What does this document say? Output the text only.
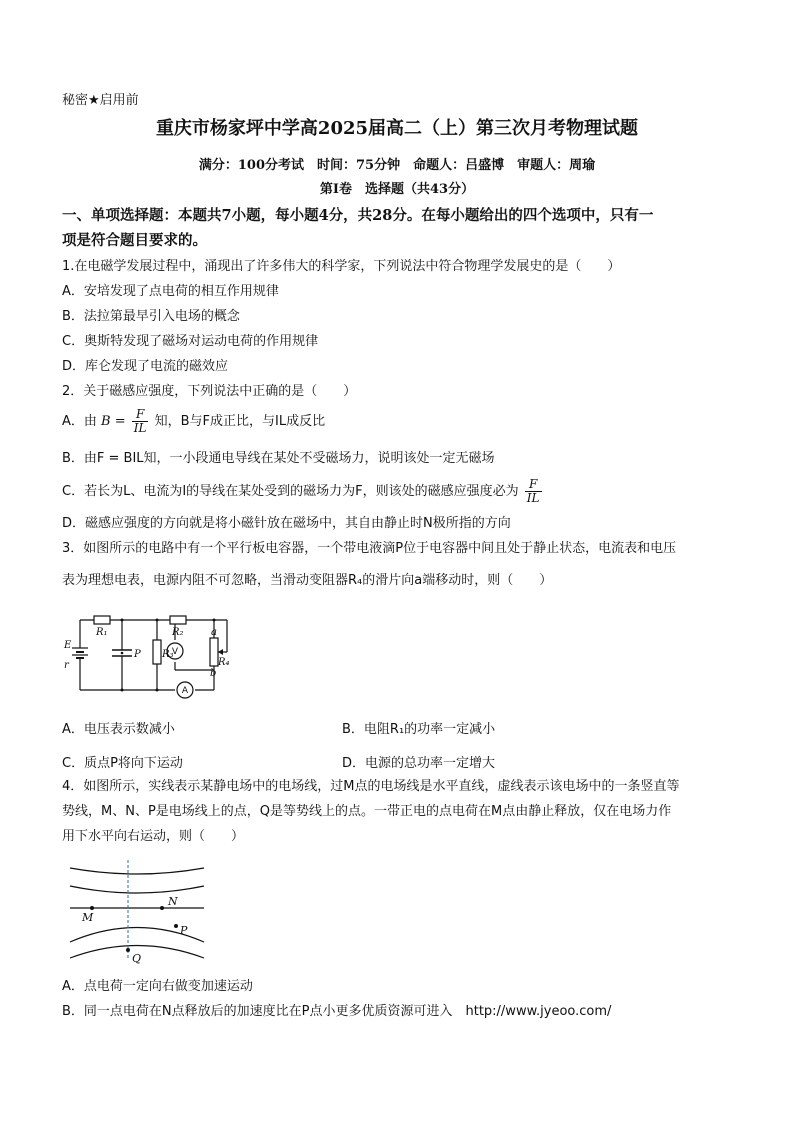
秘密★启用前
重庆市杨家坪中学高2025届高二（上）第三次月考物理试题
满分：100分考试　时间：75分钟　命题人：吕盛博　审题人：周瑜
第Ⅰ卷　选择题（共43分）
一、单项选择题：本题共7小题，每小题4分，共28分。在每小题给出的四个选项中，只有一
项是符合题目要求的。
1.在电磁学发展过程中，涌现出了许多伟大的科学家，下列说法中符合物理学发展史的是（　　）
A．安培发现了点电荷的相互作用规律
B．法拉第最早引入电场的概念
C．奥斯特发现了磁场对运动电荷的作用规律
D．库仑发现了电流的磁效应
2．关于磁感应强度，下列说法中正确的是（　　）
A．由 $B = \frac{F}{IL}$ 知，B与F成正比，与IL成反比
B．由F = BIL知，一小段通电导线在某处不受磁场力，说明该处一定无磁场
C．若长为L、电流为I的导线在某处受到的磁场力为F，则该处的磁感应强度必为 $\frac{F}{IL}$
D．磁感应强度的方向就是将小磁针放在磁场中，其自由静止时N极所指的方向
3．如图所示的电路中有一个平行板电容器，一个带电液滴P位于电容器中间且处于静止状态，电流表和电压
表为理想电表，电源内阻不可忽略，当滑动变阻器R₄的滑片向a端移动时，则（　　）
E
r
R₁	R₂
R₃
R₄
P
a
b
V
A
A．电压表示数减小	B．电阻R₁的功率一定减小
C．质点P将向下运动	D．电源的总功率一定增大
4．如图所示，实线表示某静电场中的电场线，过M点的电场线是水平直线，虚线表示该电场中的一条竖直等
势线，M、N、P是电场线上的点，Q是等势线上的点。一带正电的点电荷在M点由静止释放，仅在电场力作
用下水平向右运动，则（　　）
M
N
P
Q
A．点电荷一定向右做变加速运动
B．同一点电荷在N点释放后的加速度比在P点小更多优质资源可进入　http://www.jyeoo.com/
